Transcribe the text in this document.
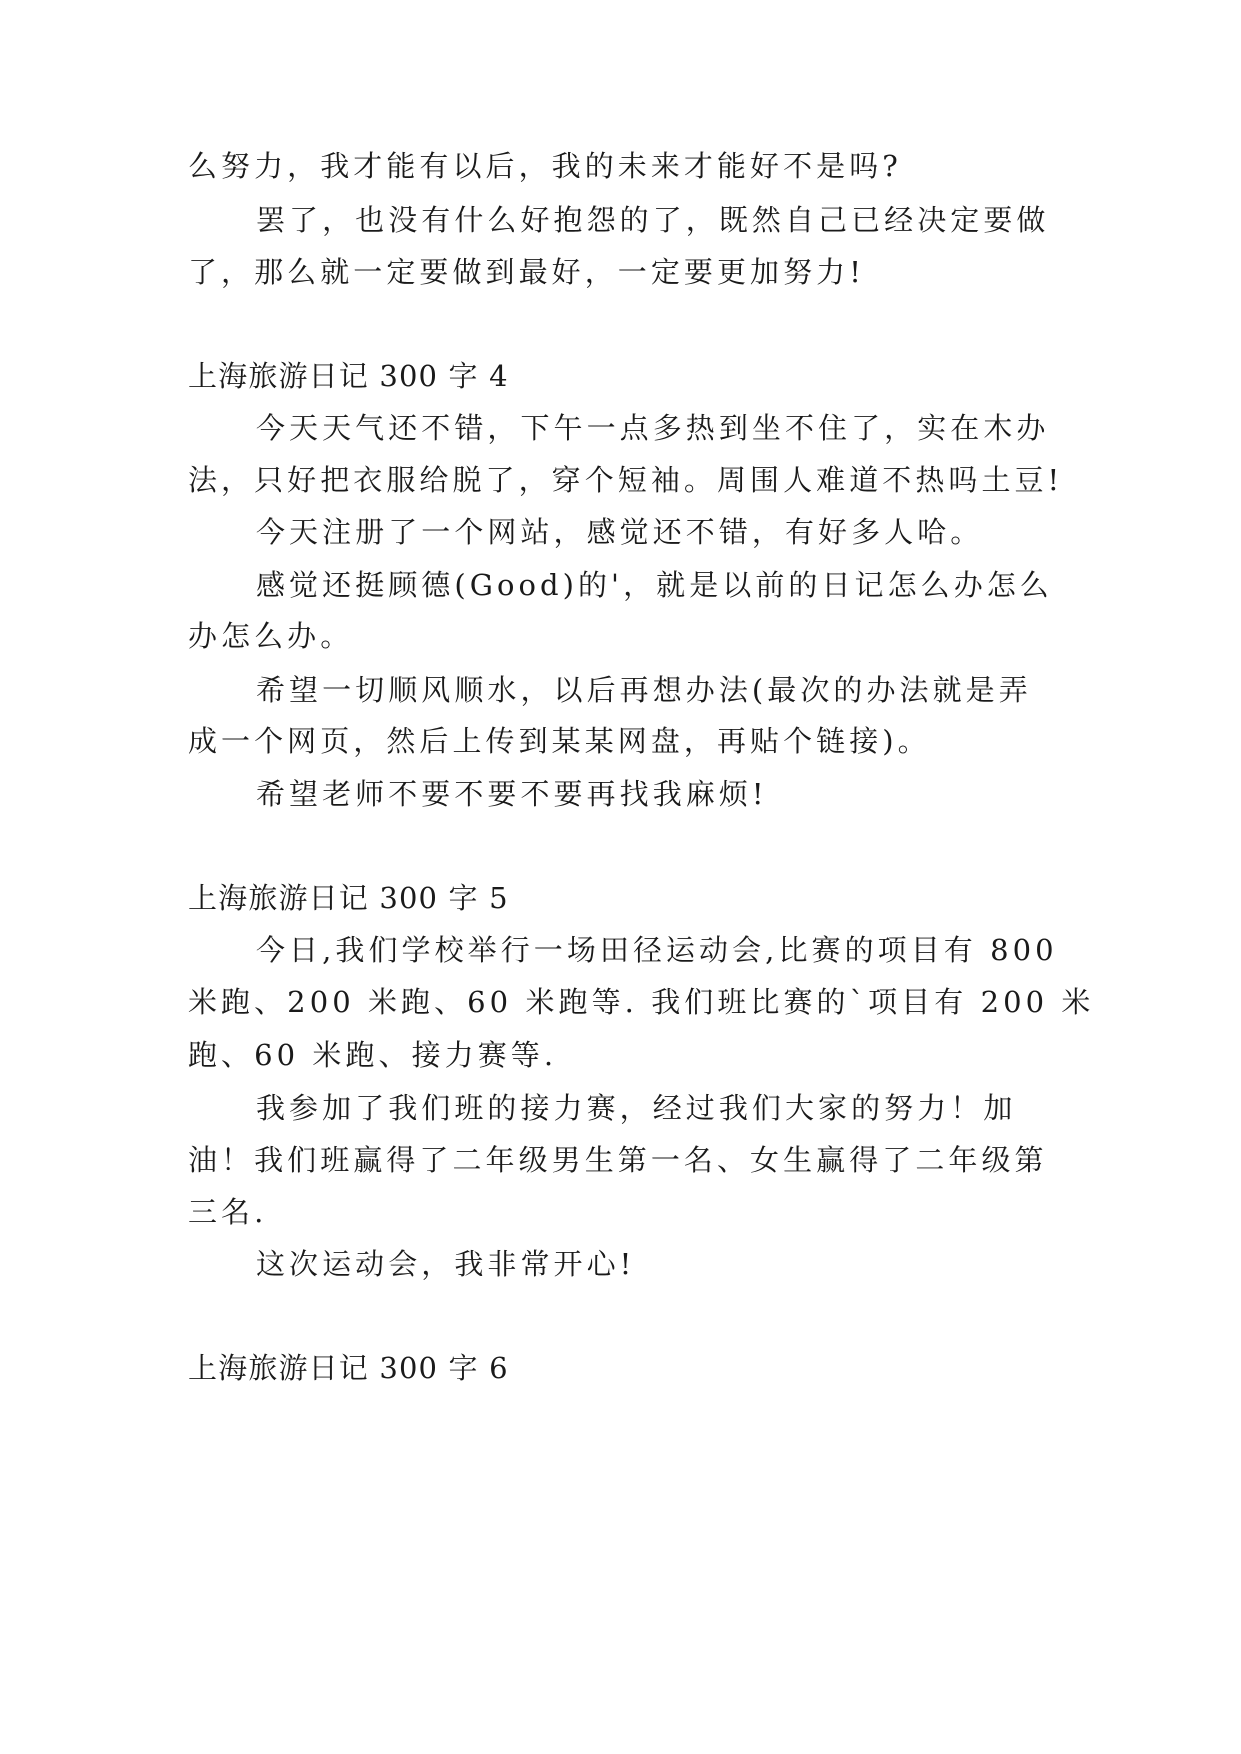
么努力，我才能有以后，我的未来才能好不是吗?
罢了，也没有什么好抱怨的了，既然自己已经决定要做
了，那么就一定要做到最好，一定要更加努力!
上海旅游日记 300 字 4
今天天气还不错，下午一点多热到坐不住了，实在木办
法，只好把衣服给脱了，穿个短袖。周围人难道不热吗土豆!
今天注册了一个网站，感觉还不错，有好多人哈。
感觉还挺顾德(Good)的'，就是以前的日记怎么办怎么
办怎么办。
希望一切顺风顺水，以后再想办法(最次的办法就是弄
成一个网页，然后上传到某某网盘，再贴个链接)。
希望老师不要不要不要再找我麻烦!
上海旅游日记 300 字 5
今日,我们学校举行一场田径运动会,比赛的项目有 800
米跑、200 米跑、60 米跑等. 我们班比赛的`项目有 200 米
跑、60 米跑、接力赛等.
我参加了我们班的接力赛，经过我们大家的努力！加
油！我们班赢得了二年级男生第一名、女生赢得了二年级第
三名.
这次运动会，我非常开心!
上海旅游日记 300 字 6
